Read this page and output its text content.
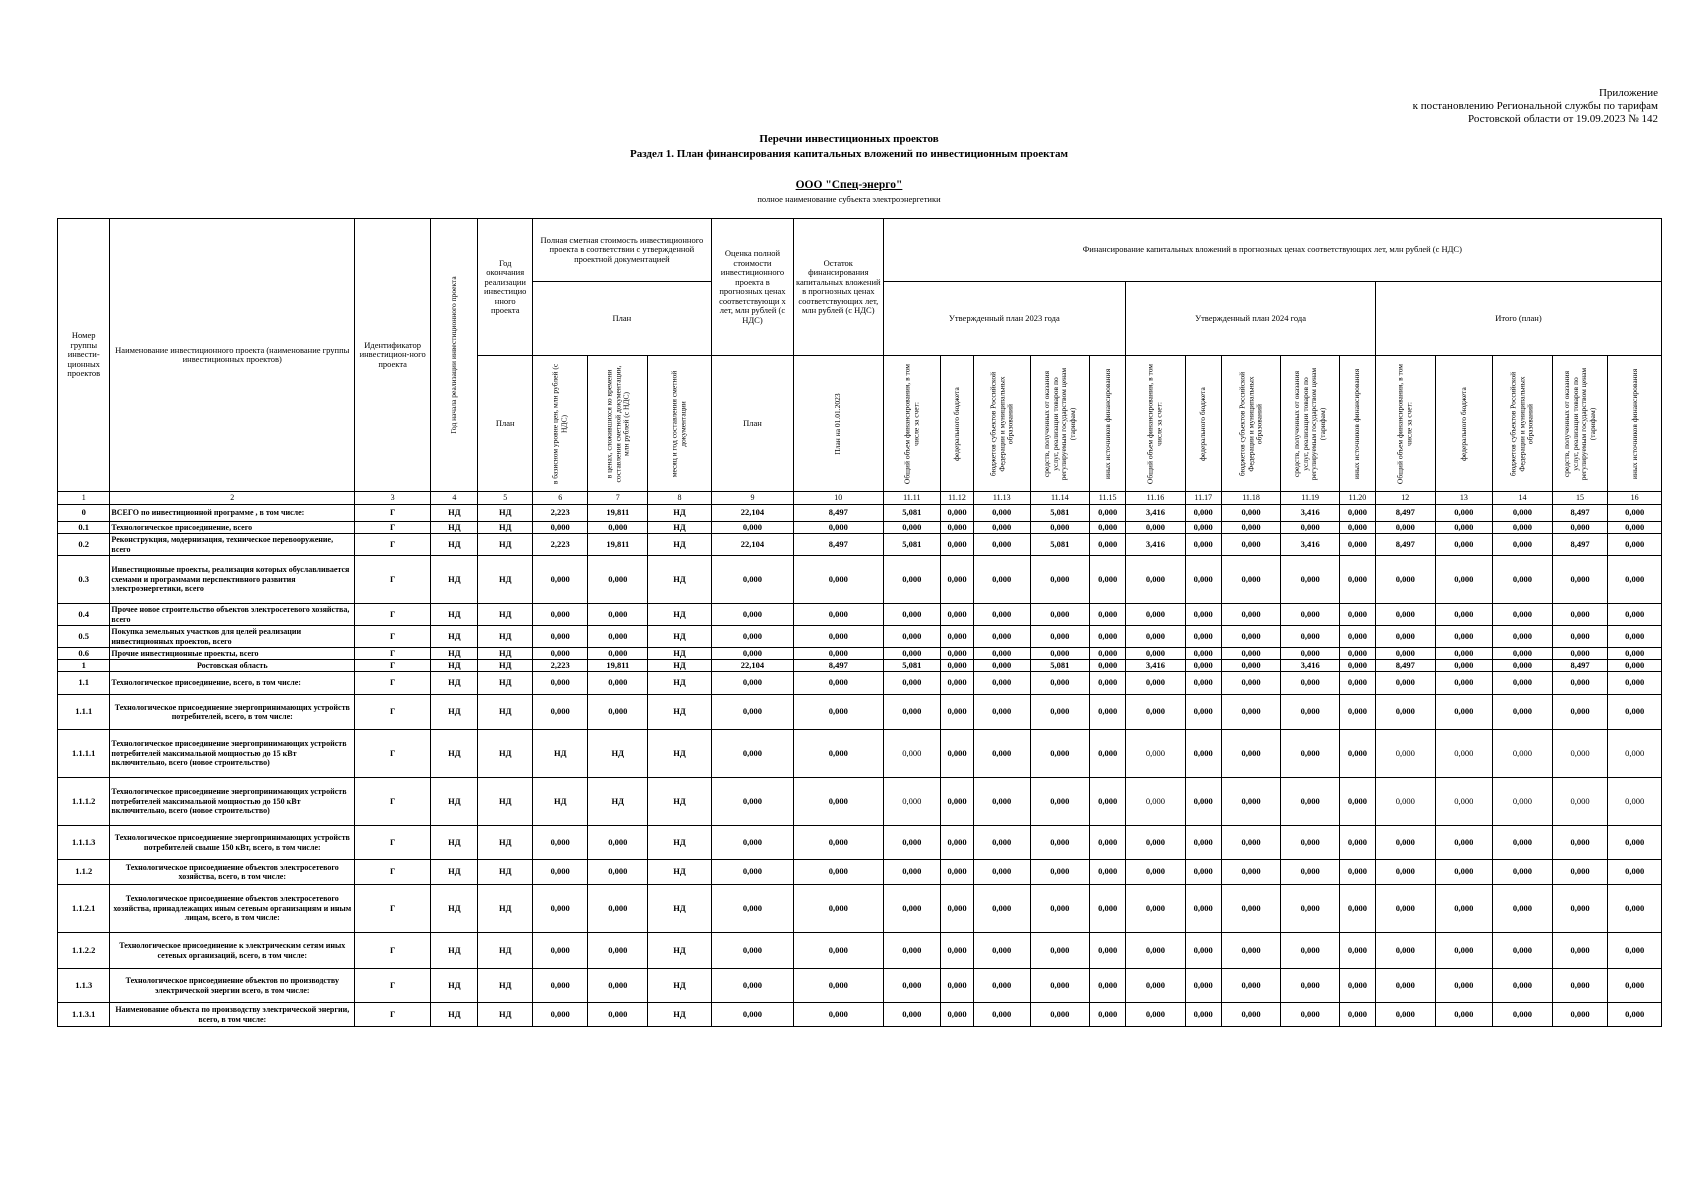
Приложение
к постановлению Региональной службы по тарифам
Ростовской области от 19.09.2023 № 142
Перечни инвестиционных проектов
Раздел 1. План финансирования капитальных вложений по инвестиционным проектам
ООО "Спец-энерго"
полное наименование субъекта электроэнергетики
Номер группы инвести-ционных проектов	Наименование инвестиционного проекта (наименование группы инвестиционных проектов)	Идентификатор инвестицион-ного проекта	Год начала реализации инвестиционного проекта	Год окончания реализации инвестицио нного проекта	Полная сметная стоимость инвестиционного проекта в соответствии с утвержденной проектной документацией			Оценка полной стоимости инвестиционного проекта в прогнозных ценах соответствующи х лет, млн рублей (с НДС)	Остаток финансирования капитальных вложений в прогнозных ценах соответствующих лет, млн рублей (с НДС)	Финансирование капитальных вложений в прогнозных ценах соответствующих лет, млн рублей (с НДС)														
					План					Утвержденный план 2023 года					Утвержденный план 2024 года					Итого (план)				
				План	в базисном уровне цен, млн рублей (с НДС)	в ценах, сложившихся ко времени составления сметной документации, млн рублей (с НДС)	месяц и год составления сметной документации	План	План на 01.01.2023	Общий объем финансирования, в том числе за счет:	федерального бюджета	бюджетов субъектов Российской Федерации и муниципальных образований	средств, полученных от оказания услуг, реализации товаров по регулируемым государством ценам (тарифам)	иных источников финансирования	Общий объем финансирования, в том числе за счет:	федерального бюджета	бюджетов субъектов Российской Федерации и муниципальных образований	средств, полученных от оказания услуг, реализации товаров по регулируемым государством ценам (тарифам)	иных источников финансирования	Общий объем финансирования, в том числе за счет:	федерального бюджета	бюджетов субъектов Российской Федерации и муниципальных образований	средств, полученных от оказания услуг, реализации товаров по регулируемым государством ценам (тарифам)	иных источников финансирования

1	2	3	4	5	6	7	8	9	10	11.11	11.12	11.13	11.14	11.15	11.16	11.17	11.18	11.19	11.20	12	13	14	15	16
0	ВСЕГО по инвестиционной программе , в том числе:	Г	НД	НД	2,223	19,811	НД	22,104	8,497	5,081	0,000	0,000	5,081	0,000	3,416	0,000	0,000	3,416	0,000	8,497	0,000	0,000	8,497	0,000
0.1	Технологическое присоединение, всего	Г	НД	НД	0,000	0,000	НД	0,000	0,000	0,000	0,000	0,000	0,000	0,000	0,000	0,000	0,000	0,000	0,000	0,000	0,000	0,000	0,000	0,000
0.2	Реконструкция, модернизация, техническое перевооружение, всего	Г	НД	НД	2,223	19,811	НД	22,104	8,497	5,081	0,000	0,000	5,081	0,000	3,416	0,000	0,000	3,416	0,000	8,497	0,000	0,000	8,497	0,000
0.3	Инвестиционные проекты, реализация которых обуславливается схемами и программами перспективного развития электроэнергетики, всего	Г	НД	НД	0,000	0,000	НД	0,000	0,000	0,000	0,000	0,000	0,000	0,000	0,000	0,000	0,000	0,000	0,000	0,000	0,000	0,000	0,000	0,000
0.4	Прочее новое строительство объектов электросетевого хозяйства, всего	Г	НД	НД	0,000	0,000	НД	0,000	0,000	0,000	0,000	0,000	0,000	0,000	0,000	0,000	0,000	0,000	0,000	0,000	0,000	0,000	0,000	0,000
0.5	Покупка земельных участков для целей реализации инвестиционных проектов, всего	Г	НД	НД	0,000	0,000	НД	0,000	0,000	0,000	0,000	0,000	0,000	0,000	0,000	0,000	0,000	0,000	0,000	0,000	0,000	0,000	0,000	0,000
0.6	Прочие инвестиционные проекты, всего	Г	НД	НД	0,000	0,000	НД	0,000	0,000	0,000	0,000	0,000	0,000	0,000	0,000	0,000	0,000	0,000	0,000	0,000	0,000	0,000	0,000	0,000
1	Ростовская область	Г	НД	НД	2,223	19,811	НД	22,104	8,497	5,081	0,000	0,000	5,081	0,000	3,416	0,000	0,000	3,416	0,000	8,497	0,000	0,000	8,497	0,000
1.1	Технологическое присоединение, всего, в том числе:	Г	НД	НД	0,000	0,000	НД	0,000	0,000	0,000	0,000	0,000	0,000	0,000	0,000	0,000	0,000	0,000	0,000	0,000	0,000	0,000	0,000	0,000
1.1.1	Технологическое присоединение энергопринимающих устройств потребителей, всего, в том числе:	Г	НД	НД	0,000	0,000	НД	0,000	0,000	0,000	0,000	0,000	0,000	0,000	0,000	0,000	0,000	0,000	0,000	0,000	0,000	0,000	0,000	0,000
1.1.1.1	Технологическое присоединение энергопринимающих устройств потребителей максимальной мощностью до 15 кВт включительно, всего (новое строительство)	Г	НД	НД	НД	НД	НД	0,000	0,000	0,000	0,000	0,000	0,000	0,000	0,000	0,000	0,000	0,000	0,000	0,000	0,000	0,000	0,000	0,000
1.1.1.2	Технологическое присоединение энергопринимающих устройств потребителей максимальной мощностью до 150 кВт включительно, всего (новое строительство)	Г	НД	НД	НД	НД	НД	0,000	0,000	0,000	0,000	0,000	0,000	0,000	0,000	0,000	0,000	0,000	0,000	0,000	0,000	0,000	0,000	0,000
1.1.1.3	Технологическое присоединение энергопринимающих устройств потребителей свыше 150 кВт, всего, в том числе:	Г	НД	НД	0,000	0,000	НД	0,000	0,000	0,000	0,000	0,000	0,000	0,000	0,000	0,000	0,000	0,000	0,000	0,000	0,000	0,000	0,000	0,000
1.1.2	Технологическое присоединение объектов электросетевого хозяйства, всего, в том числе:	Г	НД	НД	0,000	0,000	НД	0,000	0,000	0,000	0,000	0,000	0,000	0,000	0,000	0,000	0,000	0,000	0,000	0,000	0,000	0,000	0,000	0,000
1.1.2.1	Технологическое присоединение объектов электросетевого хозяйства, принадлежащих иным сетевым организациям и иным лицам, всего, в том числе:	Г	НД	НД	0,000	0,000	НД	0,000	0,000	0,000	0,000	0,000	0,000	0,000	0,000	0,000	0,000	0,000	0,000	0,000	0,000	0,000	0,000	0,000
1.1.2.2	Технологическое присоединение к электрическим сетям иных сетевых организаций, всего, в том числе:	Г	НД	НД	0,000	0,000	НД	0,000	0,000	0,000	0,000	0,000	0,000	0,000	0,000	0,000	0,000	0,000	0,000	0,000	0,000	0,000	0,000	0,000
1.1.3	Технологическое присоединение объектов по производству электрической энергии всего, в том числе:	Г	НД	НД	0,000	0,000	НД	0,000	0,000	0,000	0,000	0,000	0,000	0,000	0,000	0,000	0,000	0,000	0,000	0,000	0,000	0,000	0,000	0,000
1.1.3.1	Наименование объекта по производству электрической энергии, всего, в том числе:	Г	НД	НД	0,000	0,000	НД	0,000	0,000	0,000	0,000	0,000	0,000	0,000	0,000	0,000	0,000	0,000	0,000	0,000	0,000	0,000	0,000	0,000
